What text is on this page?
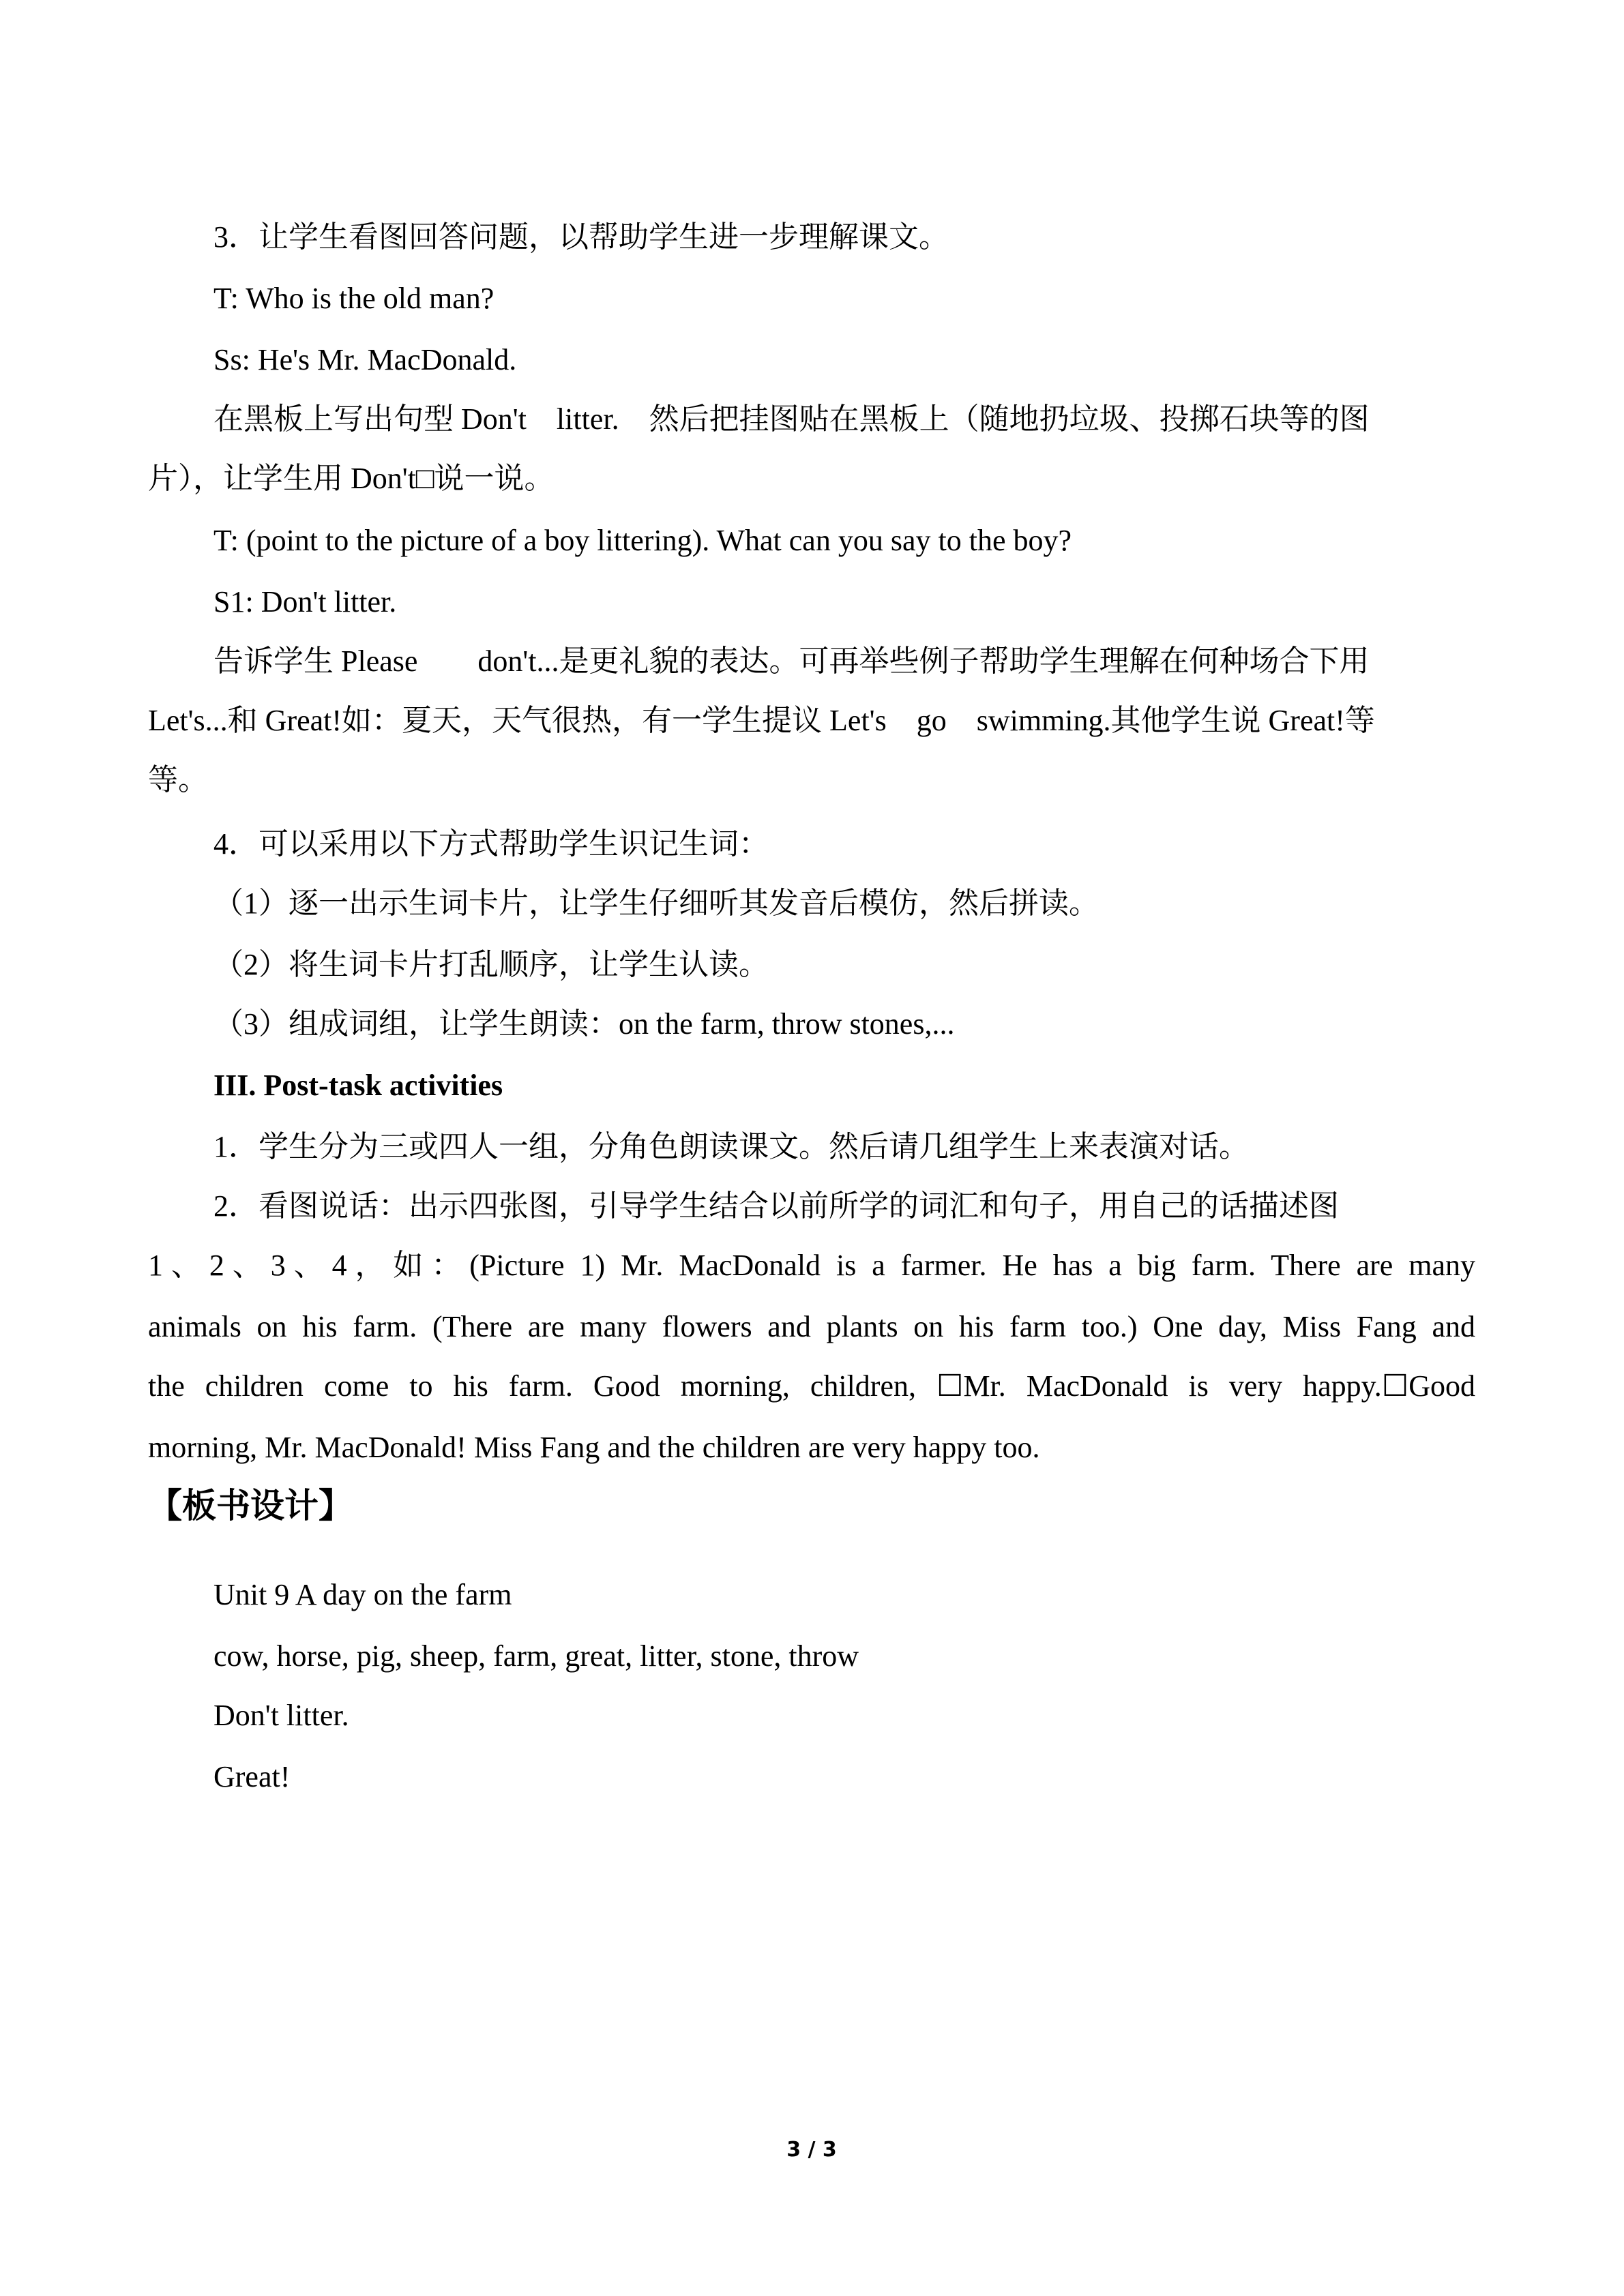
3．让学生看图回答问题，以帮助学生进一步理解课文。
T: Who is the old man?
Ss: He's Mr. MacDonald.
在黑板上写出句型 Don't　litter.　然后把挂图贴在黑板上（随地扔垃圾、投掷石块等的图
片），让学生用 Don't□说一说。
T: (point to the picture of a boy littering). What can you say to the boy?
S1: Don't litter.
告诉学生 Please　　don't...是更礼貌的表达。可再举些例子帮助学生理解在何种场合下用
Let's...和 Great!如：夏天，天气很热，有一学生提议 Let's　go　swimming.其他学生说 Great!等
等。
4．可以采用以下方式帮助学生识记生词：
（1）逐一出示生词卡片，让学生仔细听其发音后模仿，然后拼读。
（2）将生词卡片打乱顺序，让学生认读。
（3）组成词组，让学生朗读：on the farm, throw stones,...
III. Post-task activities
1．学生分为三或四人一组，分角色朗读课文。然后请几组学生上来表演对话。
2．看图说话：出示四张图，引导学生结合以前所学的词汇和句子，用自己的话描述图
1、2、3、4，如：(Picture 1) Mr. MacDonald is a farmer. He has a big farm. There are many
animals on his farm. (There are many flowers and plants on his farm too.) One day, Miss Fang and
the children come to his farm. Good morning, children, ☐Mr. MacDonald is very happy.☐Good
morning, Mr. MacDonald! Miss Fang and the children are very happy too.
【板书设计】
Unit 9 A day on the farm
cow, horse, pig, sheep, farm, great, litter, stone, throw
Don't litter.
Great!
3 / 3
